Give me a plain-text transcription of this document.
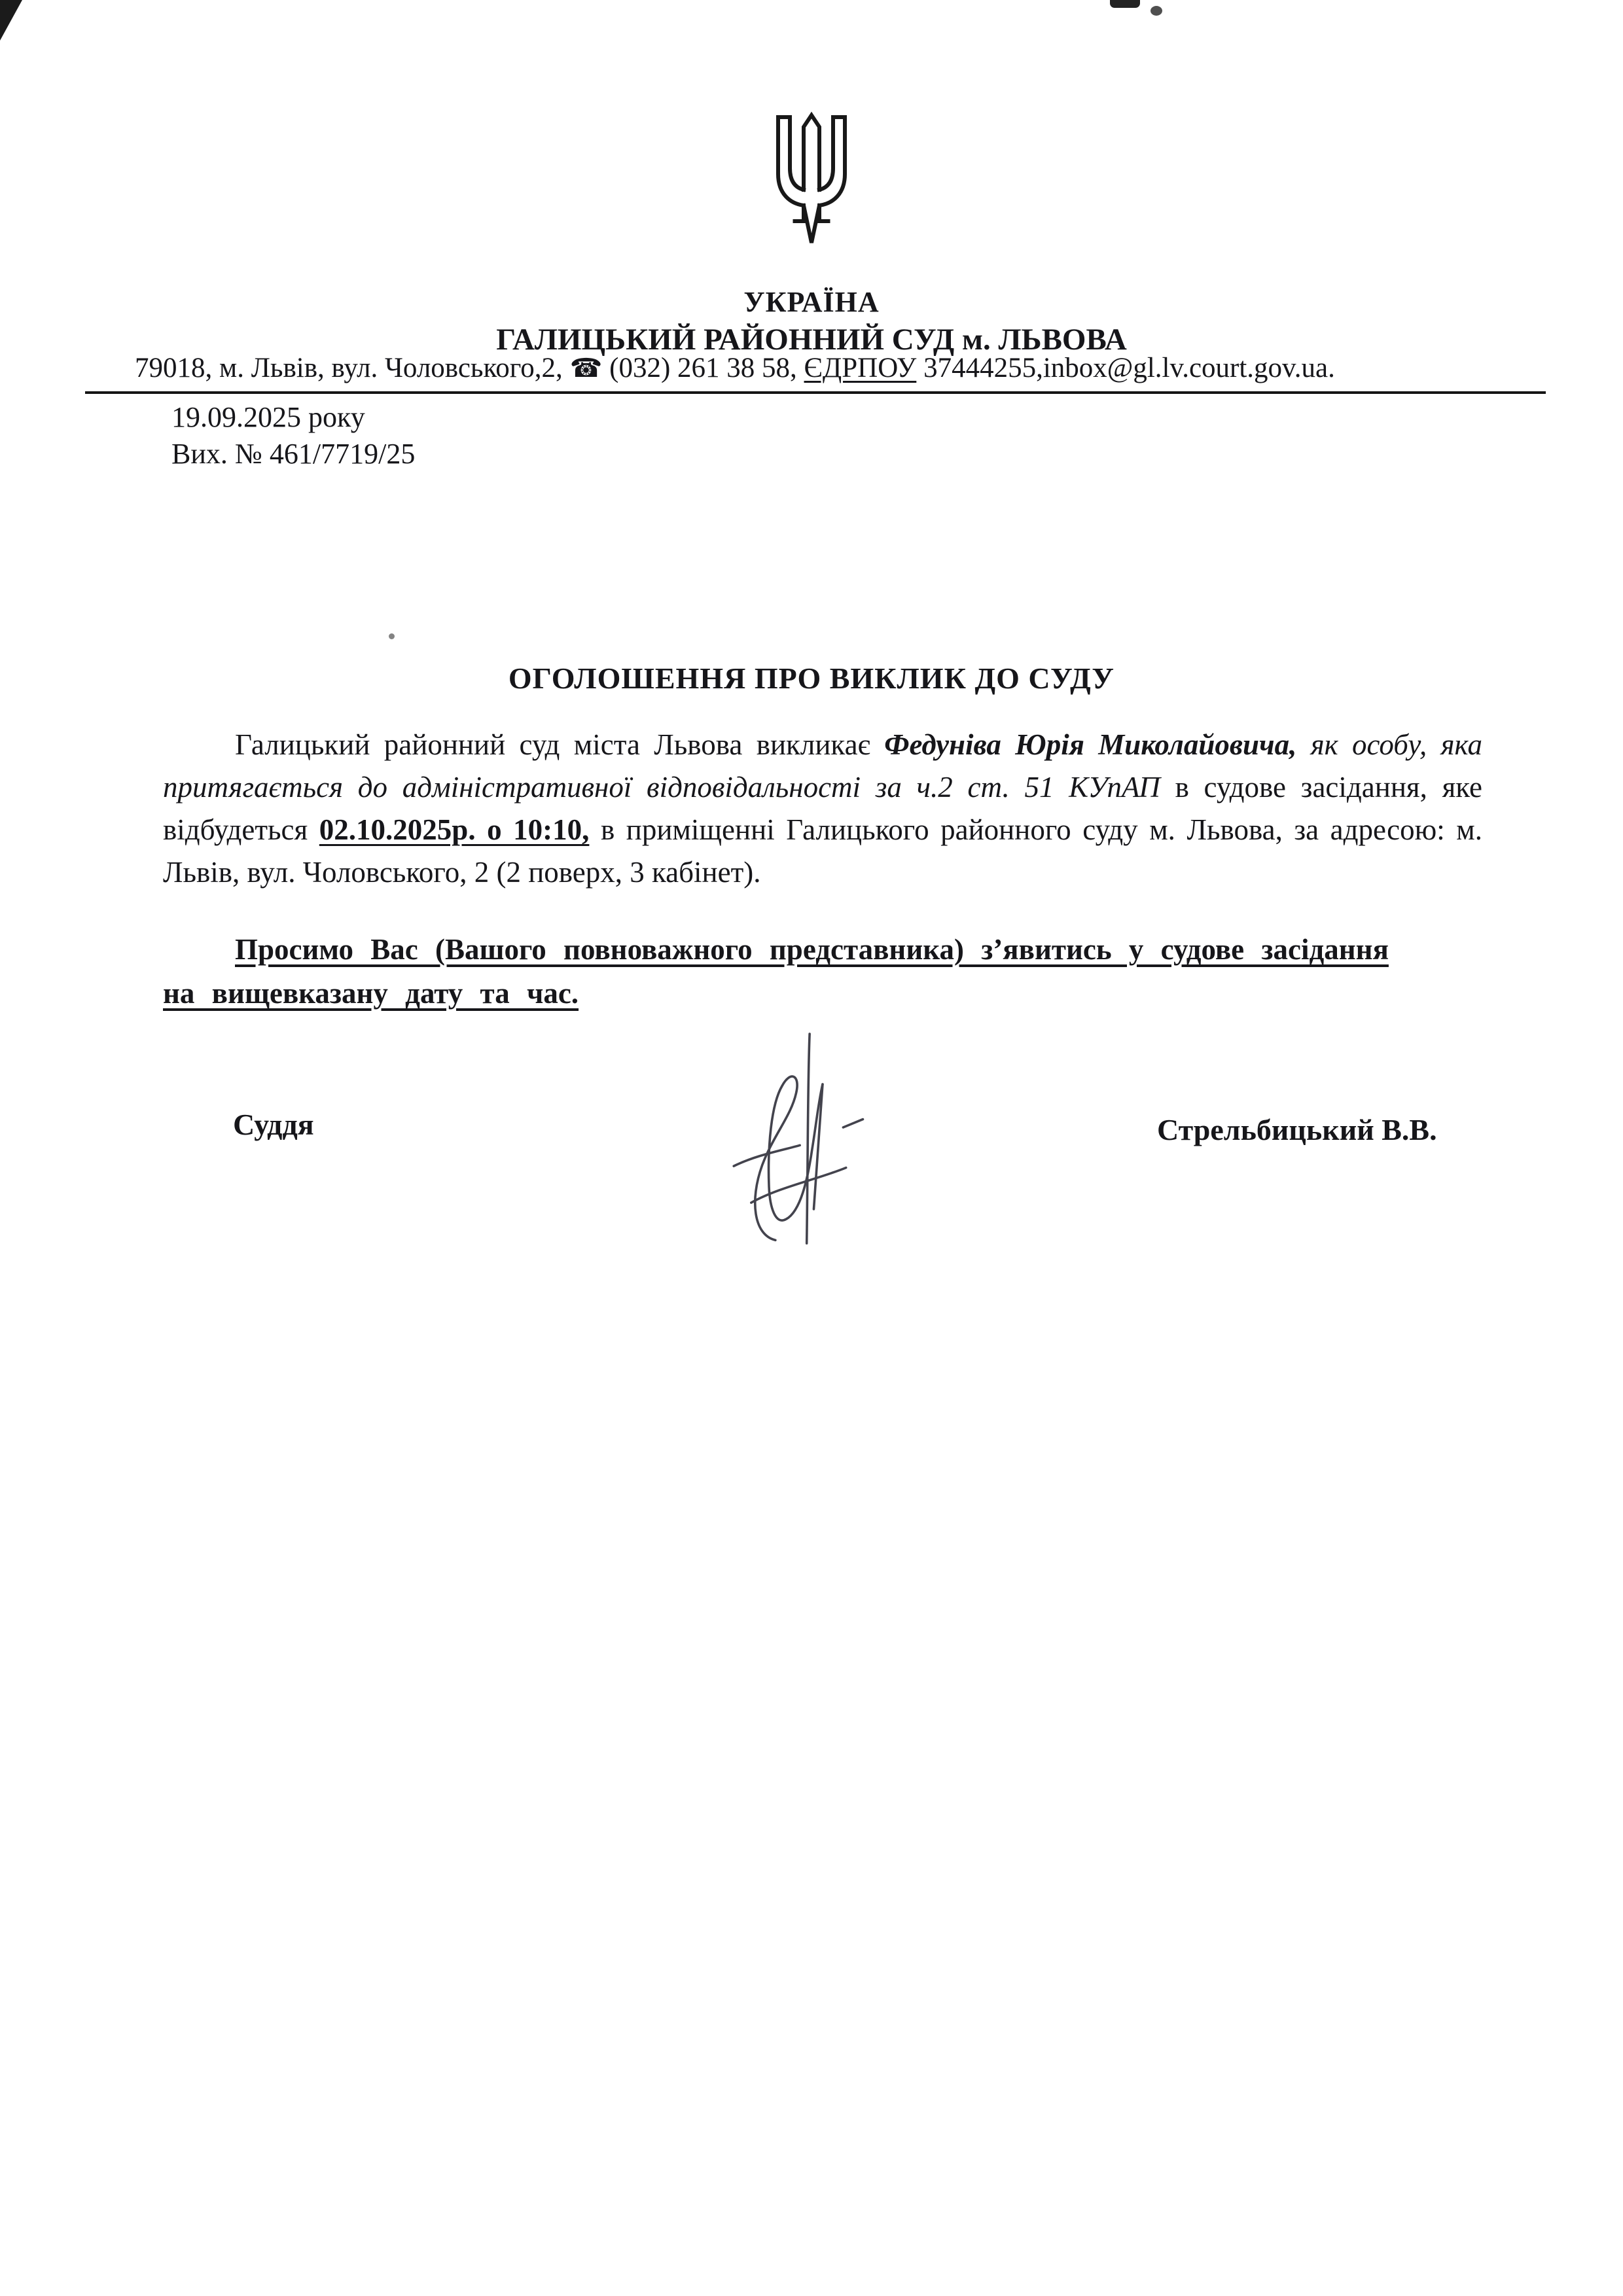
УКРАЇНА
ГАЛИЦЬКИЙ РАЙОННИЙ СУД м. ЛЬВОВА
79018, м. Львів, вул. Чоловського,2, ☎ (032) 261 38 58, ЄДРПОУ 37444255,inbox@gl.lv.court.gov.ua.
19.09.2025 року
Вих. № 461/7719/25
ОГОЛОШЕННЯ ПРО ВИКЛИК ДО СУДУ

Галицький районний суд міста Львова викликає Федуніва Юрія Миколайовича, як особу, яка притягається до адміністративної відповідальності за ч.2 ст. 51 КУпАП в судове засідання, яке відбудеться 02.10.2025р. о 10:10, в приміщенні Галицького районного суду м. Львова, за адресою: м. Львів, вул. Чоловського, 2 (2 поверх, 3 кабінет).

Просимо Вас (Вашого повноважного представника) з’явитись у судове засідання
на вищевказану дату та час.

Суддя	Стрельбицький В.В.
